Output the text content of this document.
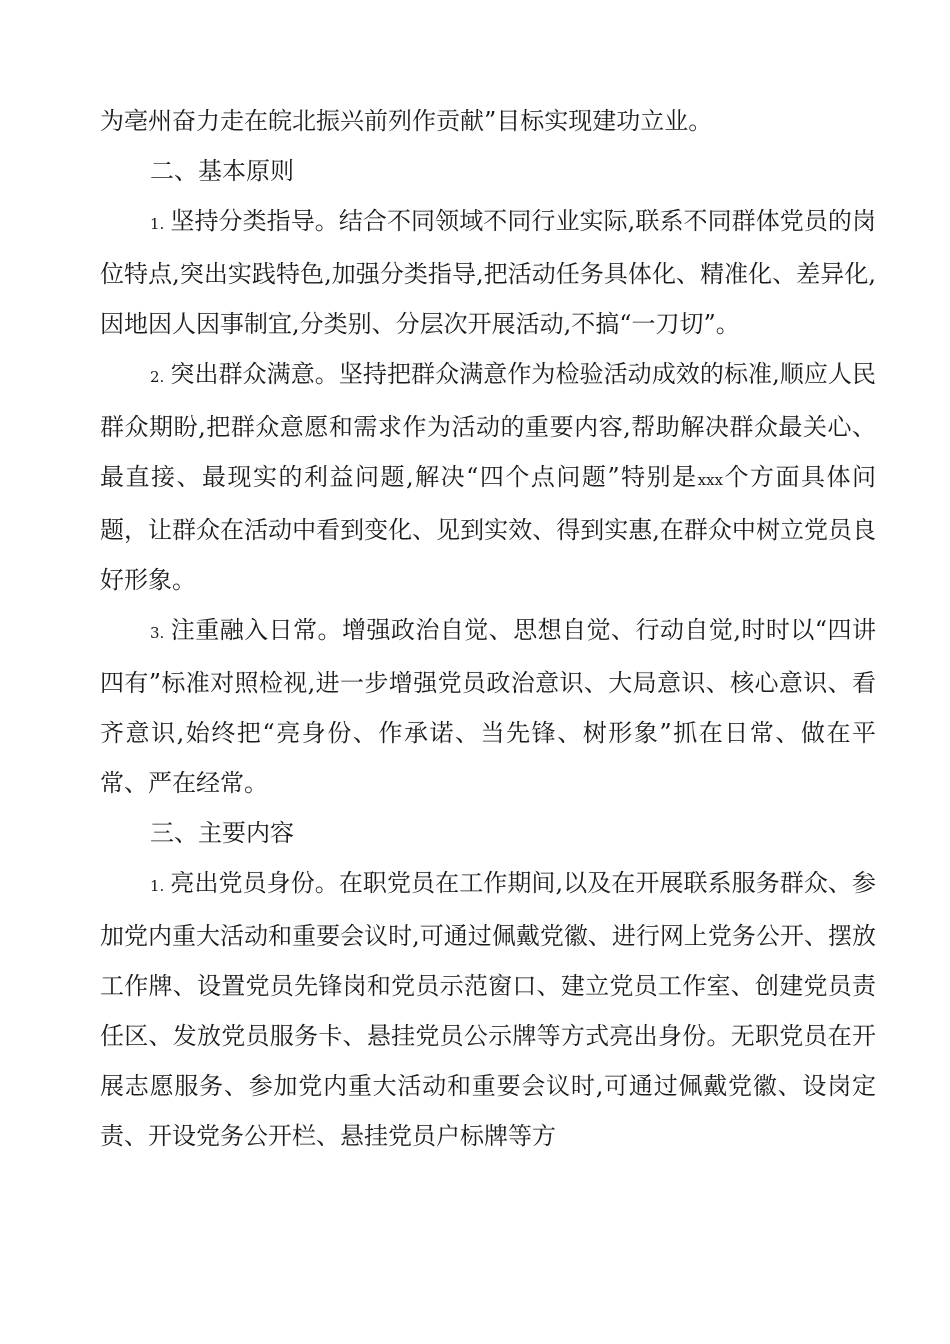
为亳州奋力走在皖北振兴前列作贡献”目标实现建功立业。

二、基本原则

1. 坚持分类指导。结合不同领域不同行业实际,联系不同群体党员的岗位特点,突出实践特色,加强分类指导,把活动任务具体化、精准化、差异化,因地因人因事制宜,分类别、分层次开展活动,不搞“一刀切”。

2. 突出群众满意。坚持把群众满意作为检验活动成效的标准,顺应人民群众期盼,把群众意愿和需求作为活动的重要内容,帮助解决群众最关心、最直接、最现实的利益问题,解决“四个点问题”特别是xxx个方面具体问题，让群众在活动中看到变化、见到实效、得到实惠,在群众中树立党员良好形象。

3. 注重融入日常。增强政治自觉、思想自觉、行动自觉,时时以“四讲四有”标准对照检视,进一步增强党员政治意识、大局意识、核心意识、看齐意识,始终把“亮身份、作承诺、当先锋、树形象”抓在日常、做在平常、严在经常。

三、主要内容

1. 亮出党员身份。在职党员在工作期间,以及在开展联系服务群众、参加党内重大活动和重要会议时,可通过佩戴党徽、进行网上党务公开、摆放工作牌、设置党员先锋岗和党员示范窗口、建立党员工作室、创建党员责任区、发放党员服务卡、悬挂党员公示牌等方式亮出身份。无职党员在开展志愿服务、参加党内重大活动和重要会议时,可通过佩戴党徽、设岗定责、开设党务公开栏、悬挂党员户标牌等方
